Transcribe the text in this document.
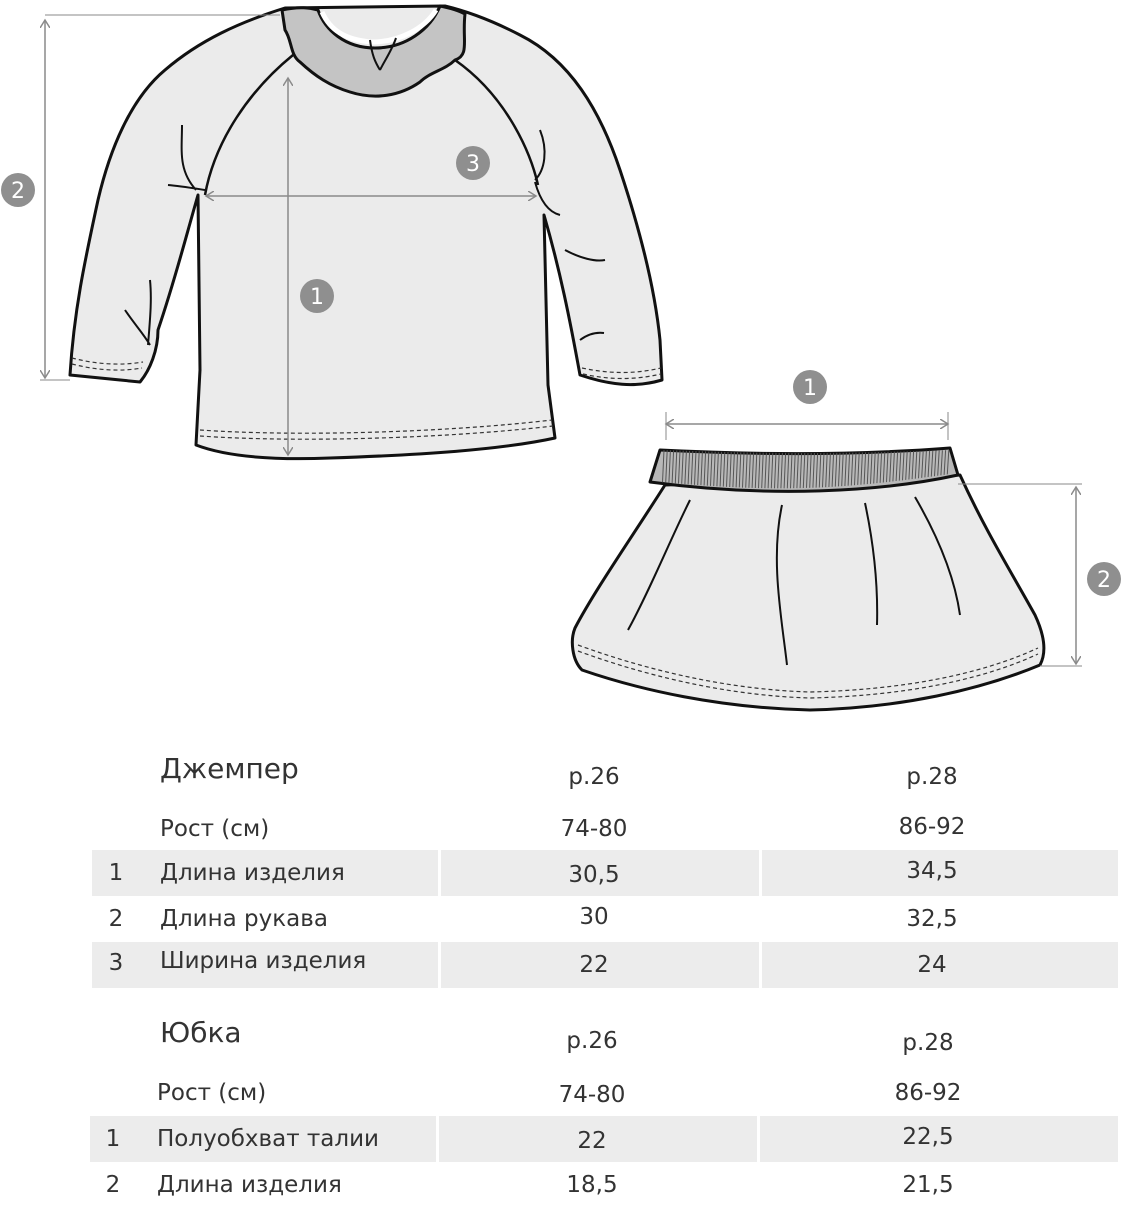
1
2
3
1
2
Джемпер	р.26	р.28
Рост (см)	74-80	86-92
1	Длина изделия	30,5	34,5
2	Длина рукава	30	32,5
3	Ширина изделия	22	24
Юбка	р.26	р.28
Рост (см)	74-80	86-92
1	Полуобхват талии	22	22,5
2	Длина изделия	18,5	21,5
